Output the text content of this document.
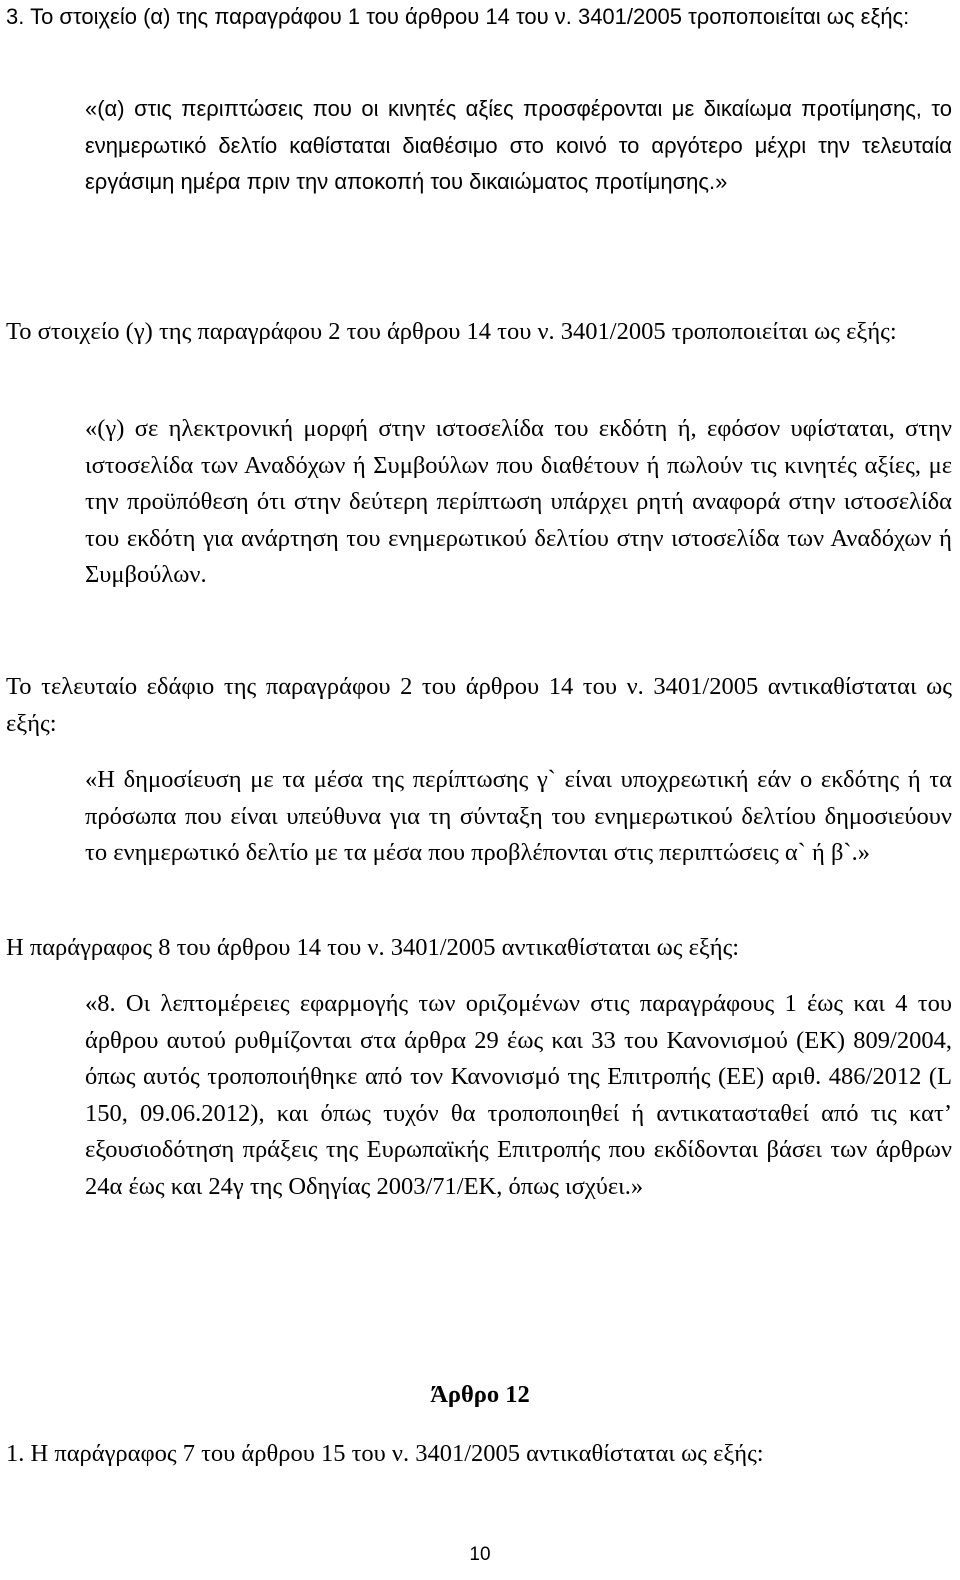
3. Το στοιχείο (α) της παραγράφου 1 του άρθρου 14 του ν. 3401/2005 τροποποιείται ως εξής:

«(α) στις περιπτώσεις που οι κινητές αξίες προσφέρονται με δικαίωμα προτίμησης, το ενημερωτικό δελτίο καθίσταται διαθέσιμο στο κοινό το αργότερο μέχρι την τελευταία εργάσιμη ημέρα πριν την αποκοπή του δικαιώματος προτίμησης.»

Το στοιχείο (γ) της παραγράφου 2 του άρθρου 14 του ν. 3401/2005 τροποποιείται ως εξής:

«(γ) σε ηλεκτρονική μορφή στην ιστοσελίδα του εκδότη ή, εφόσον υφίσταται, στην ιστοσελίδα των Αναδόχων ή Συμβούλων που διαθέτουν ή πωλούν τις κινητές αξίες, με την προϋπόθεση ότι στην δεύτερη περίπτωση υπάρχει ρητή αναφορά στην ιστοσελίδα του εκδότη για ανάρτηση του ενημερωτικού δελτίου στην ιστοσελίδα των Αναδόχων ή Συμβούλων.

Το τελευταίο εδάφιο της παραγράφου 2 του άρθρου 14 του ν. 3401/2005 αντικαθίσταται ως εξής:

«Η δημοσίευση με τα μέσα της περίπτωσης γ` είναι υποχρεωτική εάν ο εκδότης ή τα πρόσωπα που είναι υπεύθυνα για τη σύνταξη του ενημερωτικού δελτίου δημοσιεύουν το ενημερωτικό δελτίο με τα μέσα που προβλέπονται στις περιπτώσεις α` ή β`.»

Η παράγραφος 8 του άρθρου 14 του ν. 3401/2005 αντικαθίσταται ως εξής:

«8. Οι λεπτομέρειες εφαρμογής των οριζομένων στις παραγράφους 1 έως και 4 του άρθρου αυτού ρυθμίζονται στα άρθρα 29 έως και 33 του Κανονισμού (ΕΚ) 809/2004, όπως αυτός τροποποιήθηκε από τον Κανονισμό της Επιτροπής (ΕΕ) αριθ. 486/2012 (L 150, 09.06.2012), και όπως τυχόν θα τροποποιηθεί ή αντικατασταθεί από τις κατ’ εξουσιοδότηση πράξεις της Ευρωπαϊκής Επιτροπής που εκδίδονται βάσει των άρθρων 24α έως και 24γ της Οδηγίας 2003/71/ΕΚ, όπως ισχύει.»

Άρθρο 12

1. Η παράγραφος 7 του άρθρου 15 του ν. 3401/2005 αντικαθίσταται ως εξής:

10
